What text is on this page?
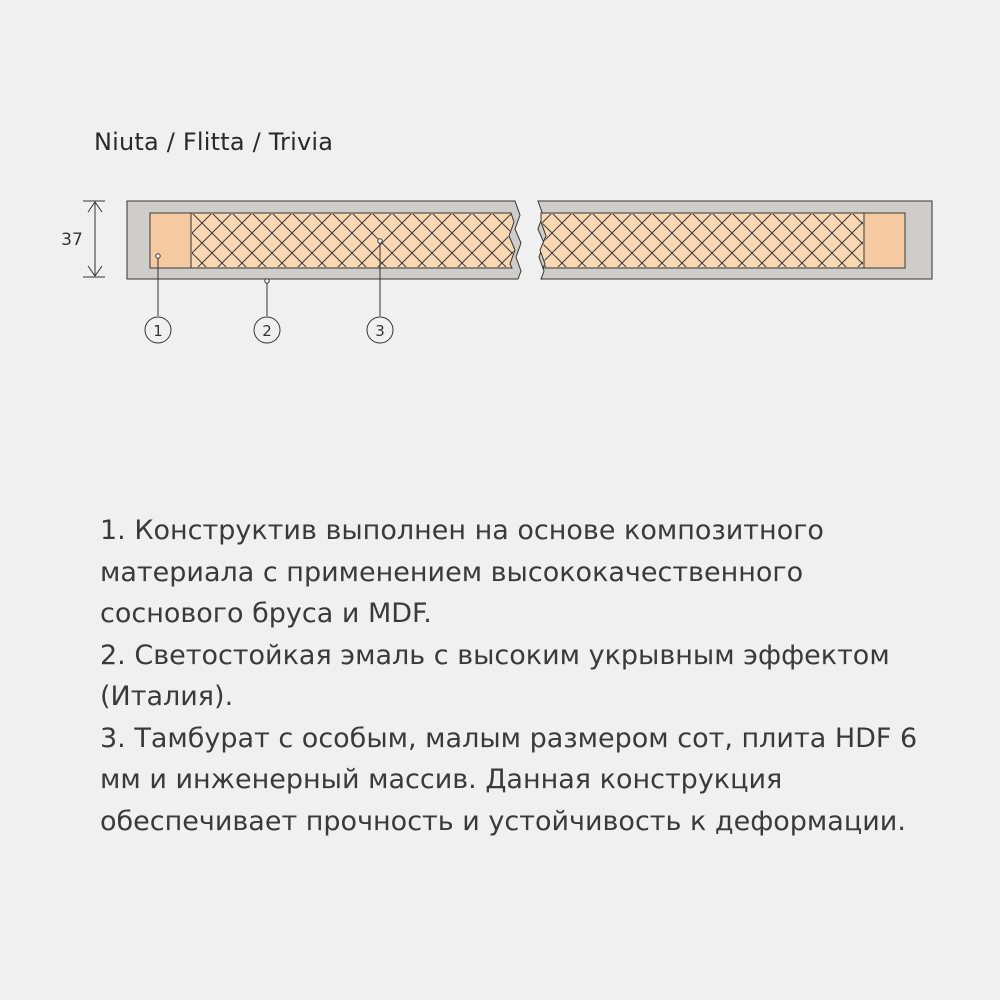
Niuta / Flitta / Trivia
37
1	2	3

1. Конструктив выполнен на основе композитного материала с применением высококачественного соснового бруса и MDF.

2. Светостойкая эмаль с высоким укрывным эффектом (Италия).

3. Тамбурат с особым, малым размером сот, плита HDF 6 мм и инженерный массив. Данная конструкция обеспечивает прочность и устойчивость к деформации.
